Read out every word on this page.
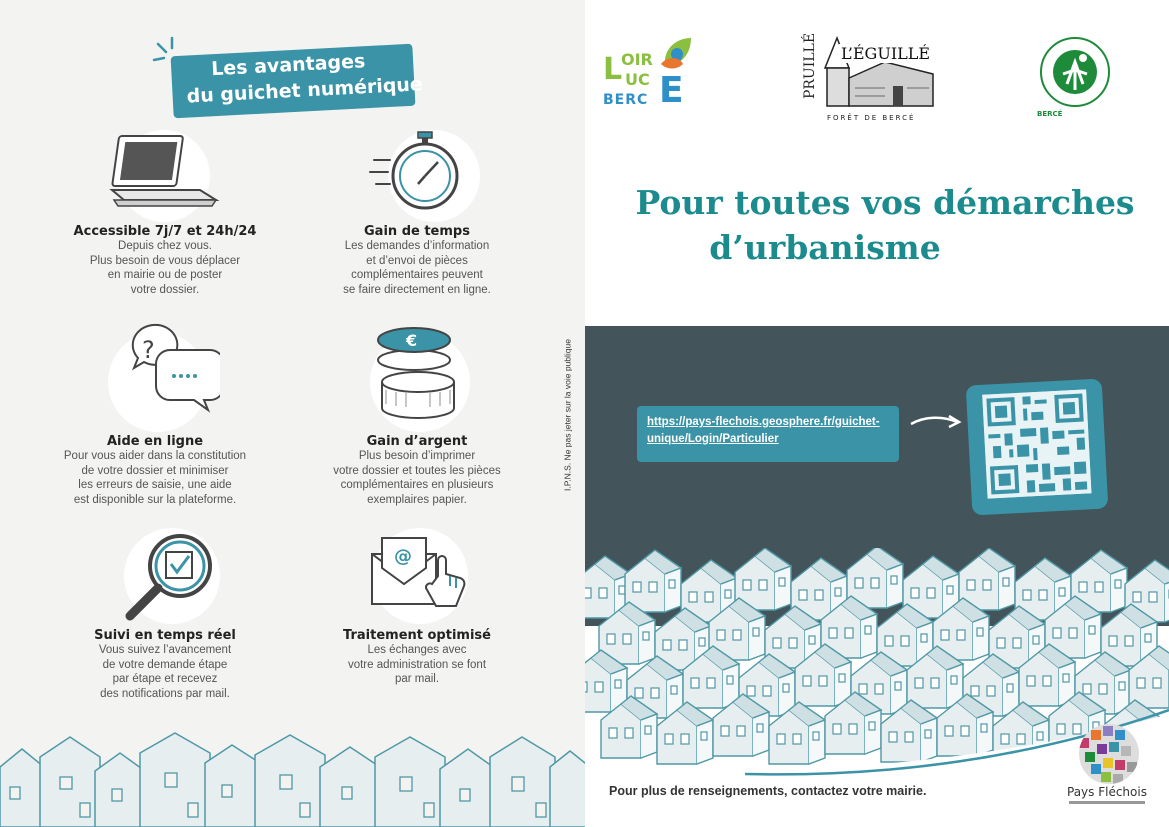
Les avantages
du guichet numérique
Accessible 7j/7 et 24h/24

Depuis chez vous.

Plus besoin de vous déplacer

en mairie ou de poster

votre dossier.

Gain de temps

Les demandes d’information

et d’envoi de pièces

complémentaires peuvent

se faire directement en ligne.

?
Aide en ligne

Pour vous aider dans la constitution

de votre dossier et minimiser

les erreurs de saisie, une aide

est disponible sur la plateforme.

€
Gain d’argent

Plus besoin d’imprimer

votre dossier et toutes les pièces

complémentaires en plusieurs

exemplaires papier.

Suivi en temps réel

Vous suivez l’avancement

de votre demande étape

par étape et recevez

des notifications par mail.

@
Traitement optimisé

Les échanges avec

votre administration se font

par mail.

I.P.N.S. Ne pas jeter sur la voie publique
L
OIR
UC
BERC E	PRUILLÉ L’ÉGUILLÉ
FORÊT DE BERCÉ	BERCÉ
Pour toutes vos démarches
d’urbanisme
https://pays-flechois.geosphere.fr/guichet-
unique/Login/Particulier
Pour plus de renseignements, contactez votre mairie.	Pays Fléchois
